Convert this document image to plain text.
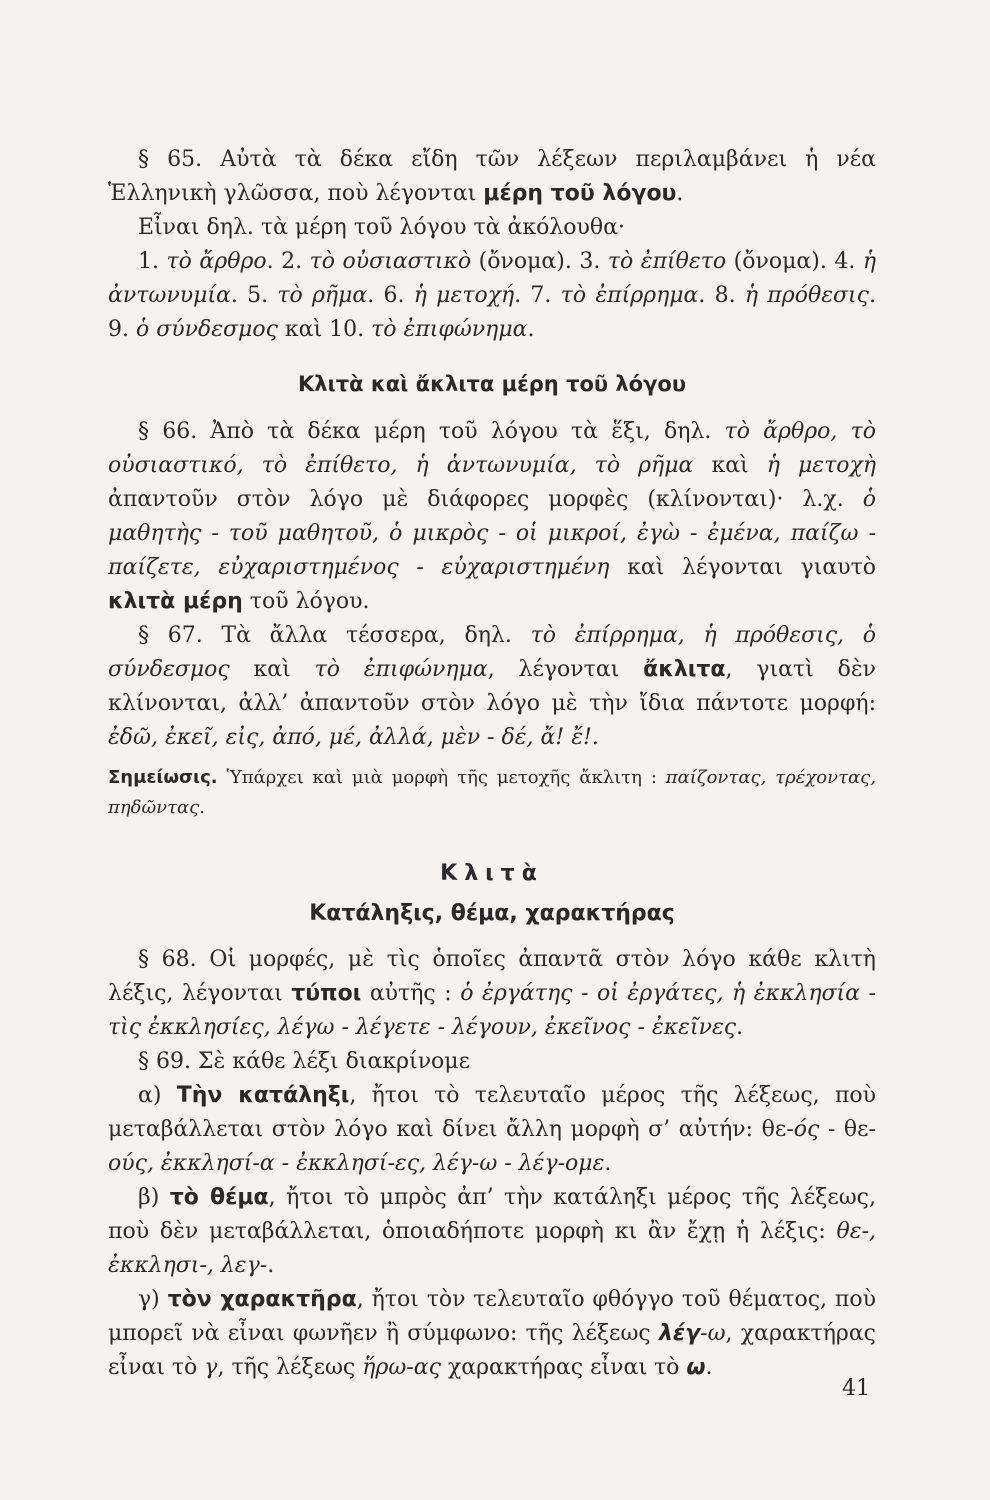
§ 65. Αὐτὰ τὰ δέκα εἴδη τῶν λέξεων περιλαμβάνει ἡ νέα Ἑλληνικὴ γλῶσσα, ποὺ λέγονται μέρη τοῦ λόγου.

Εἶναι δηλ. τὰ μέρη τοῦ λόγου τὰ ἀκόλουθα·

1. τὸ ἄρθρο. 2. τὸ οὐσιαστικὸ (ὄνομα). 3. τὸ ἐπίθετο (ὄνομα). 4. ἡ ἀντωνυμία. 5. τὸ ρῆμα. 6. ἡ μετοχή. 7. τὸ ἐπίρρημα. 8. ἡ πρόθεσις. 9. ὁ σύνδεσμος καὶ 10. τὸ ἐπιφώνημα.

Κλιτὰ καὶ ἄκλιτα μέρη τοῦ λόγου

§ 66. Ἀπὸ τὰ δέκα μέρη τοῦ λόγου τὰ ἕξι, δηλ. τὸ ἄρθρο, τὸ οὐσιαστικό, τὸ ἐπίθετο, ἡ ἀντωνυμία, τὸ ρῆμα καὶ ἡ μετοχὴ ἀπαντοῦν στὸν λόγο μὲ διάφορες μορφὲς (κλίνονται)· λ.χ. ὁ μαθητὴς - τοῦ μαθητοῦ, ὁ μικρὸς - οἱ μικροί, ἐγὼ - ἐμένα, παίζω - παίζετε, εὐχαριστημένος - εὐχαριστημένη καὶ λέγονται γιαυτὸ κλιτὰ μέρη τοῦ λόγου.

§ 67. Τὰ ἄλλα τέσσερα, δηλ. τὸ ἐπίρρημα, ἡ πρόθεσις, ὁ σύνδεσμος καὶ τὸ ἐπιφώνημα, λέγονται ἄκλιτα, γιατὶ δὲν κλίνονται, ἀλλ’ ἀπαντοῦν στὸν λόγο μὲ τὴν ἴδια πάντοτε μορφή: ἐδῶ, ἐκεῖ, εἰς, ἀπό, μέ, ἀλλά, μὲν - δέ, ἄ! ἔ!.

Σημείωσις. Ὑπάρχει καὶ μιὰ μορφὴ τῆς μετοχῆς ἄκλιτη : παίζοντας, τρέχοντας, πηδῶντας.

Κλιτὰ

Κατάληξις, θέμα, χαρακτήρας

§ 68. Οἱ μορφές, μὲ τὶς ὁποῖες ἀπαντᾶ στὸν λόγο κάθε κλιτὴ λέξις, λέγονται τύποι αὐτῆς : ὁ ἐργάτης - οἱ ἐργάτες, ἡ ἐκκλησία - τὶς ἐκκλησίες, λέγω - λέγετε - λέγουν, ἐκεῖνος - ἐκεῖνες.

§ 69. Σὲ κάθε λέξι διακρίνομε

α) Τὴν κατάληξι, ἤτοι τὸ τελευταῖο μέρος τῆς λέξεως, ποὺ μεταβάλλεται στὸν λόγο καὶ δίνει ἄλλη μορφὴ σ’ αὐτήν: θε-ός - θε-ούς, ἐκκλησί-α - ἐκκλησί-ες, λέγ-ω - λέγ-ομε.

β) τὸ θέμα, ἤτοι τὸ μπρὸς ἀπ’ τὴν κατάληξι μέρος τῆς λέξεως, ποὺ δὲν μεταβάλλεται, ὁποιαδήποτε μορφὴ κι ἂν ἔχῃ ἡ λέξις: θε-, ἐκκλησι-, λεγ-.

γ) τὸν χαρακτῆρα, ἤτοι τὸν τελευταῖο φθόγγο τοῦ θέματος, ποὺ μπορεῖ νὰ εἶναι φωνῆεν ἢ σύμφωνο: τῆς λέξεως λέγ-ω, χαρακτήρας εἶναι τὸ γ, τῆς λέξεως ἥρω-ας χαρακτήρας εἶναι τὸ ω.

41
